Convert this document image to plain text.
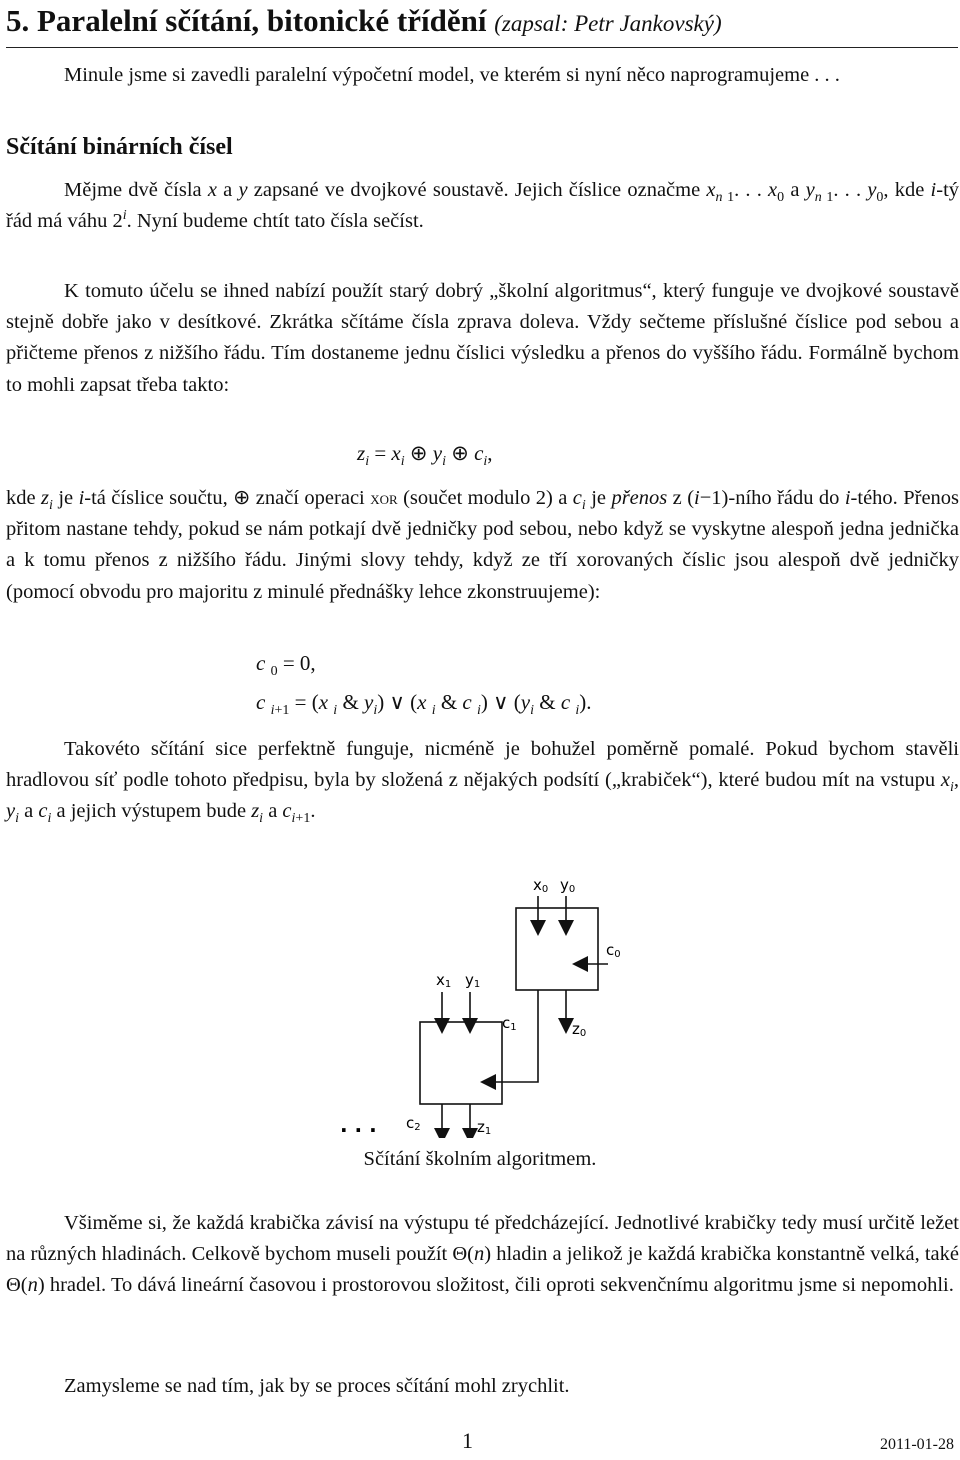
5. Paralelní sčítání, bitonické třídění (zapsal: Petr Jankovský)
Minule jsme si zavedli paralelní výpočetní model, ve kterém si nyní něco naprogramujeme . . .
Sčítání binárních čísel
Mějme dvě čísla x a y zapsané ve dvojkové soustavě. Jejich číslice označme $x_{n 1}$. . . $x_0$ a $y_{n 1}$. . . $y_0$, kde i-tý řád má váhu 2$^i$. Nyní budeme chtít tato čísla sečíst.
K tomuto účelu se ihned nabízí použít starý dobrý „školní algoritmus“, který funguje ve dvojkové soustavě stejně dobře jako v desítkové. Zkrátka sčítáme čísla zprava doleva. Vždy sečteme příslušné číslice pod sebou a přičteme přenos z nižšího řádu. Tím dostaneme jednu číslici výsledku a přenos do vyššího řádu. Formálně bychom to mohli zapsat třeba takto:
$z_i = x_i$ ⊕ $y_i$ ⊕ $c_i$,
kde $z_i$ je i-tá číslice součtu, ⊕ značí operaci xor (součet modulo 2) a $c_i$ je přenos z (i−1)-ního řádu do i-tého. Přenos přitom nastane tehdy, pokud se nám potkají dvě jedničky pod sebou, nebo když se vyskytne alespoň jedna jednička a k tomu přenos z nižšího řádu. Jinými slovy tehdy, když ze tří xorovaných číslic jsou alespoň dvě jedničky (pomocí obvodu pro majoritu z minulé přednášky lehce zkonstruujeme):
c $_0$ = 0,
c $_{i+1}$ = (x $_i$ & $y_i$) ∨ (x $_i$ & c $_i$) ∨ ($y_i$ & c $_i$).
Takovéto sčítání sice perfektně funguje, nicméně je bohužel poměrně pomalé. Pokud bychom stavěli hradlovou síť podle tohoto předpisu, byla by složená z nějakých podsítí („krabiček“), které budou mít na vstupu $x_i$, $y_i$ a $c_i$ a jejich výstupem bude $z_i$ a $c_{i+1}$.
x0 y0
c0
x1 y1
c1	z0
. . . c2	z1
Sčítání školním algoritmem.
Všiměme si, že každá krabička závisí na výstupu té předcházející. Jednotlivé krabičky tedy musí určitě ležet na různých hladinách. Celkově bychom museli použít Θ(n) hladin a jelikož je každá krabička konstantně velká, také Θ(n) hradel. To dává lineární časovou i prostorovou složitost, čili oproti sekvenčnímu algoritmu jsme si nepomohli.
Zamysleme se nad tím, jak by se proces sčítání mohl zrychlit.
1	2011-01-28
